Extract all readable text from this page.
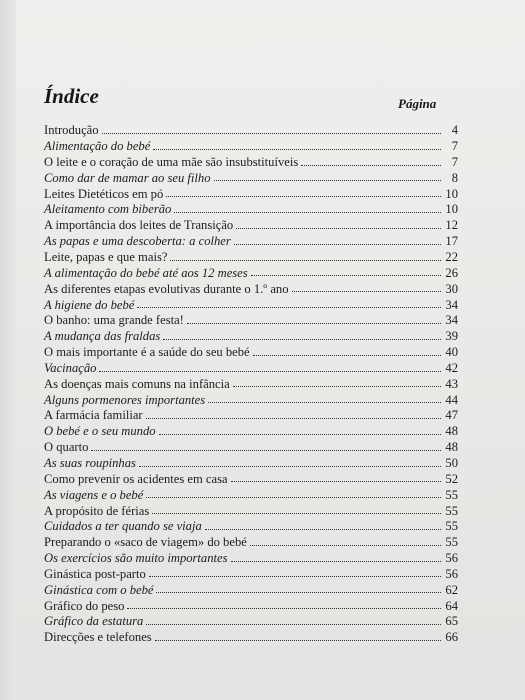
Índice	Página
Introdução	4
Alimentação do bebé	7
O leite e o coração de uma mãe são insubstituíveis	7
Como dar de mamar ao seu filho	8
Leites Dietéticos em pó	10
Aleitamento com biberão	10
A importância dos leites de Transição	12
As papas e uma descoberta: a colher	17
Leite, papas e que mais?	22
A alimentação do bebé até aos 12 meses	26
As diferentes etapas evolutivas durante o 1.º ano	30
A higiene do bebé	34
O banho: uma grande festa!	34
A mudança das fraldas	39
O mais importante é a saúde do seu bebé	40
Vacinação	42
As doenças mais comuns na infância	43
Alguns pormenores importantes	44
A farmácia familiar	47
O bebé e o seu mundo	48
O quarto	48
As suas roupinhas	50
Como prevenir os acidentes em casa	52
As viagens e o bebé	55
A propósito de férias	55
Cuidados a ter quando se viaja	55
Preparando o «saco de viagem» do bebé	55
Os exercícios são muito importantes	56
Ginástica post-parto	56
Ginástica com o bebé	62
Gráfico do peso	64
Gráfico da estatura	65
Direcções e telefones	66
